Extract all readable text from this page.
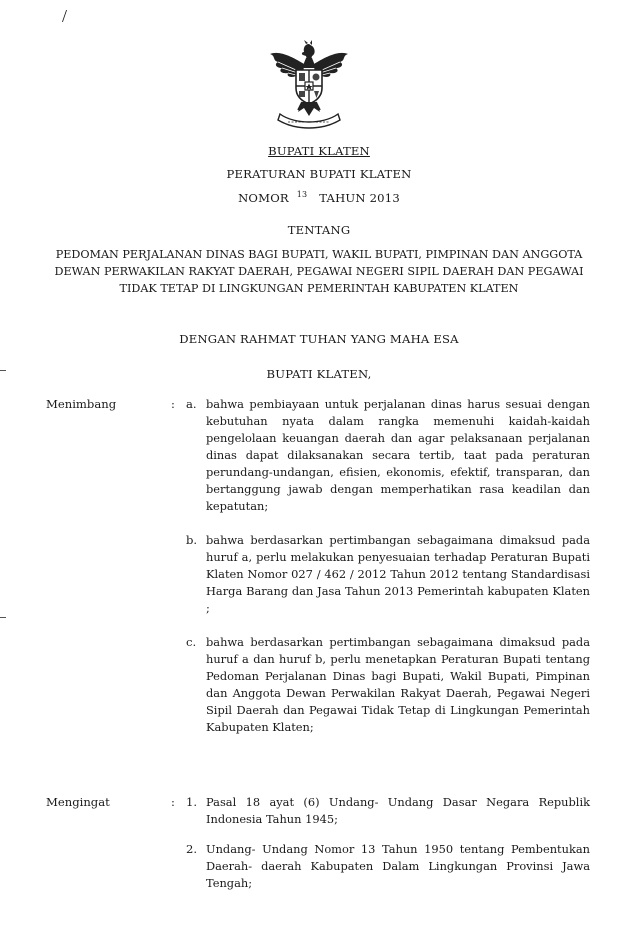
/
BUPATI KLATEN
PERATURAN BUPATI KLATEN
NOMOR $^{13}$ TAHUN 2013
TENTANG
PEDOMAN PERJALANAN DINAS BAGI BUPATI, WAKIL BUPATI, PIMPINAN DAN ANGGOTA DEWAN PERWAKILAN RAKYAT DAERAH, PEGAWAI NEGERI SIPIL DAERAH DAN PEGAWAI TIDAK TETAP DI LINGKUNGAN PEMERINTAH KABUPATEN KLATEN
DENGAN RAHMAT TUHAN YANG MAHA ESA
BUPATI KLATEN,
Menimbang	: a. bahwa pembiayaan untuk perjalanan dinas harus sesuai dengan kebutuhan nyata dalam rangka memenuhi kaidah-kaidah pengelolaan keuangan daerah dan agar pelaksanaan perjalanan dinas dapat dilaksanakan secara tertib, taat pada peraturan perundang-undangan, efisien, ekonomis, efektif, transparan, dan bertanggung jawab dengan memperhatikan rasa keadilan dan kepatutan;
b. bahwa berdasarkan pertimbangan sebagaimana dimaksud pada huruf a, perlu melakukan penyesuaian terhadap Peraturan Bupati Klaten Nomor 027 / 462 / 2012 Tahun 2012 tentang Standardisasi Harga Barang dan Jasa Tahun 2013 Pemerintah kabupaten Klaten ;
c. bahwa berdasarkan pertimbangan sebagaimana dimaksud pada huruf a dan huruf b, perlu menetapkan Peraturan Bupati tentang Pedoman Perjalanan Dinas bagi Bupati, Wakil Bupati, Pimpinan dan Anggota Dewan Perwakilan Rakyat Daerah, Pegawai Negeri Sipil Daerah dan Pegawai Tidak Tetap di Lingkungan Pemerintah Kabupaten Klaten;
Mengingat	: 1. Pasal 18 ayat (6) Undang- Undang Dasar Negara Republik Indonesia Tahun 1945;
2. Undang- Undang Nomor 13 Tahun 1950 tentang Pembentukan Daerah- daerah Kabupaten Dalam Lingkungan Provinsi Jawa Tengah;
